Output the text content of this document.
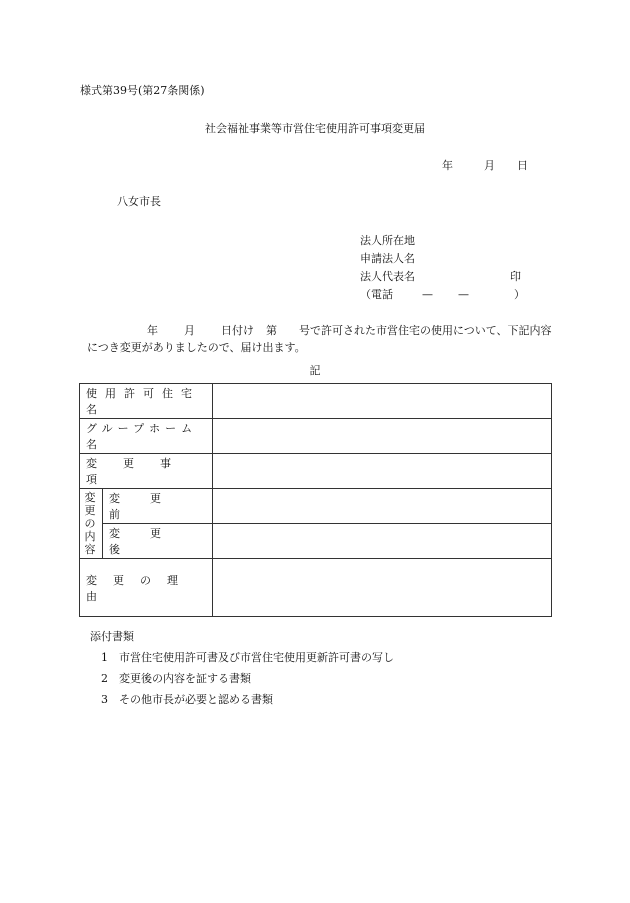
様式第39号(第27条関係)
社会福祉事業等市営住宅使用許可事項変更届
年	月 日
八女市長
法人所在地
申請法人名
法人代表名	印
（電話	— —	）
年 月 日付け 第 号で許可された市営住宅の使用について、下記内容につき変更がありましたので、届け出ます。
記
使用許可住宅名		

グループホーム名		

変更事項		

変更の内容	変更前	

変更後	

変更の理由		

添付書類
1 市営住宅使用許可書及び市営住宅使用更新許可書の写し
2 変更後の内容を証する書類
3 その他市長が必要と認める書類
